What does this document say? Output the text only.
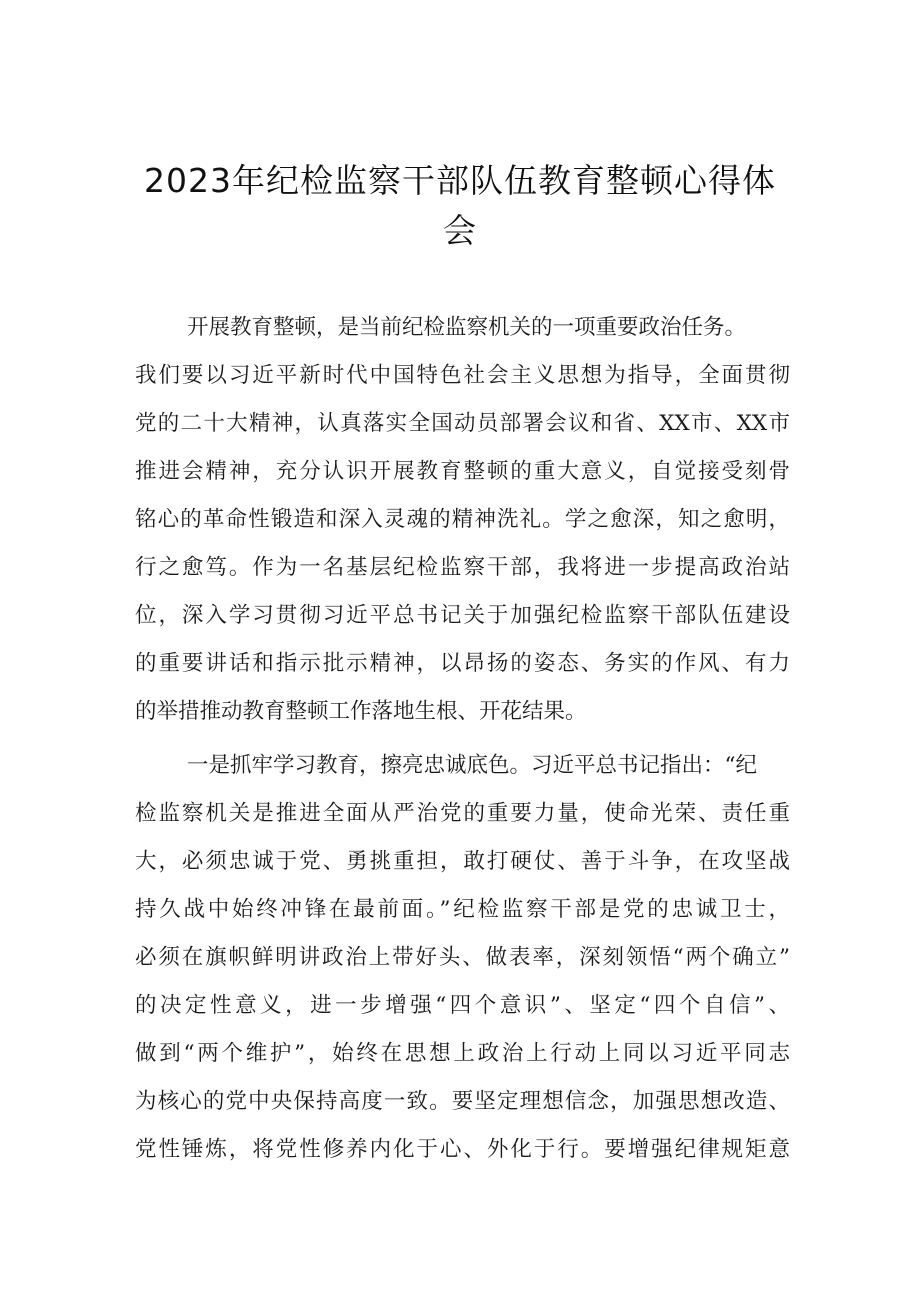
2023年纪检监察干部队伍教育整顿心得体
会

开展教育整顿，是当前纪检监察机关的一项重要政治任务。

我们要以习近平新时代中国特色社会主义思想为指导，全面贯彻

党的二十大精神，认真落实全国动员部署会议和省、XX市、XX市

推进会精神，充分认识开展教育整顿的重大意义，自觉接受刻骨

铭心的革命性锻造和深入灵魂的精神洗礼。学之愈深，知之愈明，

行之愈笃。作为一名基层纪检监察干部，我将进一步提高政治站

位，深入学习贯彻习近平总书记关于加强纪检监察干部队伍建设

的重要讲话和指示批示精神，以昂扬的姿态、务实的作风、有力

的举措推动教育整顿工作落地生根、开花结果。

一是抓牢学习教育，擦亮忠诚底色。习近平总书记指出：“纪

检监察机关是推进全面从严治党的重要力量，使命光荣、责任重

大，必须忠诚于党、勇挑重担，敢打硬仗、善于斗争，在攻坚战

持久战中始终冲锋在最前面。”纪检监察干部是党的忠诚卫士，

必须在旗帜鲜明讲政治上带好头、做表率，深刻领悟“两个确立”

的决定性意义，进一步增强“四个意识”、坚定“四个自信”、

做到“两个维护”，始终在思想上政治上行动上同以习近平同志

为核心的党中央保持高度一致。要坚定理想信念，加强思想改造、

党性锤炼，将党性修养内化于心、外化于行。要增强纪律规矩意
